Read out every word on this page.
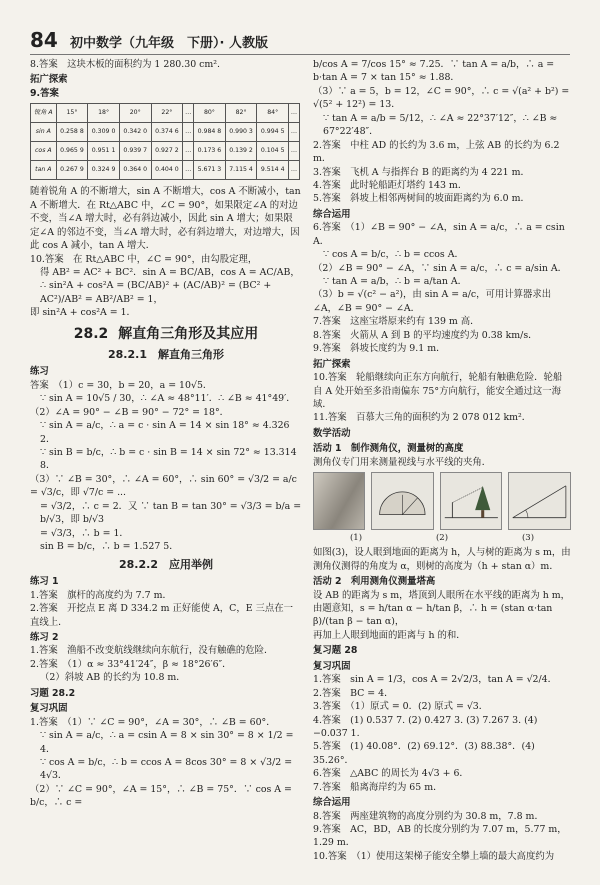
84 初中数学（九年级　下册）· 人教版

8.答案　这块木板的面积约为 1 280.30 cm².

拓广探索

9.答案

锐角 A	15°	18°	20°	22°	…	80°	82°	84°	…
sin A	0.258 8	0.309 0	0.342 0	0.374 6	…	0.984 8	0.990 3	0.994 5	…
cos A	0.965 9	0.951 1	0.939 7	0.927 2	…	0.173 6	0.139 2	0.104 5	…
tan A	0.267 9	0.324 9	0.364 0	0.404 0	…	5.671 3	7.115 4	9.514 4	…

随着锐角 A 的不断增大，sin A 不断增大，cos A 不断减小，tan A 不断增大．在 Rt△ABC 中，∠C = 90°，如果限定∠A 的对边不变，当∠A 增大时，必有斜边减小，因此 sin A 增大；如果限定∠A 的邻边不变，当∠A 增大时，必有斜边增大，对边增大，因此 cos A 减小，tan A 增大．

10.答案　在 Rt△ABC 中，∠C = 90°，由勾股定理，

得 AB² = AC² + BC²．sin A = BC/AB，cos A = AC/AB，

∴ sin²A + cos²A = (BC/AB)² + (AC/AB)² = (BC² + AC²)/AB² = AB²/AB² = 1，

即 sin²A + cos²A = 1．

28.2 解直角三角形及其应用

28.2.1　解直角三角形

练习

答案　（1）c = 30，b = 20，a = 10√5．

∵ sin A = 10√5 / 30，∴ ∠A ≈ 48°11′．∴ ∠B ≈ 41°49′．

（2）∠A = 90° − ∠B = 90° − 72° = 18°．

∵ sin A = a/c，∴ a = c · sin A = 14 × sin 18° ≈ 4.326 2．

∵ sin B = b/c，∴ b = c · sin B = 14 × sin 72° ≈ 13.314 8．

（3）∵ ∠B = 30°，∴ ∠A = 60°，∴ sin 60° = √3/2 = a/c = √3/c，即 √7/c = ...

= √3/2，∴ c = 2．又 ∵ tan B = tan 30° = √3/3 = b/a = b/√3，即 b/√3

= √3/3，∴ b = 1．

sin B = b/c，∴ b = 1.527 5．

28.2.2　应用举例

练习 1

1.答案　旗杆的高度约为 7.7 m．

2.答案　开挖点 E 离 D 334.2 m 正好能使 A，C，E 三点在一直线上．

练习 2

1.答案　渔船不改变航线继续向东航行，没有触礁的危险．

2.答案　（1）α ≈ 33°41′24″，β ≈ 18°26′6″．

（2）斜坡 AB 的长约为 10.8 m．

习题 28.2

复习巩固

1.答案　（1）∵ ∠C = 90°，∠A = 30°，∴ ∠B = 60°．

∵ sin A = a/c，∴ a = csin A = 8 × sin 30° = 8 × 1/2 = 4．

∵ cos A = b/c，∴ b = ccos A = 8cos 30° = 8 × √3/2 = 4√3．

（2）∵ ∠C = 90°，∠A = 15°，∴ ∠B = 75°．∵ cos A = b/c，∴ c =

b/cos A = 7/cos 15° ≈ 7.25．∵ tan A = a/b，∴ a = b·tan A = 7 × tan 15° ≈ 1.88．

（3）∵ a = 5，b = 12，∠C = 90°，∴ c = √(a² + b²) = √(5² + 12²) = 13．

∵ tan A = a/b = 5/12，∴ ∠A ≈ 22°37′12″，∴ ∠B ≈ 67°22′48″．

2.答案　中柱 AD 的长约为 3.6 m，上弦 AB 的长约为 6.2 m．

3.答案　飞机 A 与指挥台 B 的距离约为 4 221 m．

4.答案　此时轮船距灯塔约 143 m．

5.答案　斜坡上相邻两树间的坡面距离约为 6.0 m．

综合运用

6.答案　（1）∠B = 90° − ∠A，sin A = a/c，∴ a = csin A．

∵ cos A = b/c，∴ b = ccos A．

（2）∠B = 90° − ∠A，∵ sin A = a/c，∴ c = a/sin A．

∵ tan A = a/b，∴ b = a/tan A．

（3）b = √(c² − a²)，由 sin A = a/c，可用计算器求出∠A，∠B = 90° − ∠A．

7.答案　这座宝塔原来约有 139 m 高．

8.答案　火箭从 A 到 B 的平均速度约为 0.38 km/s．

9.答案　斜坡长度约为 9.1 m．

拓广探索

10.答案　轮船继续向正东方向航行，轮船有触礁危险．轮船自 A 处开始至多沿南偏东 75°方向航行，能安全通过这一海域．

11.答案　百慕大三角的面积约为 2 078 012 km²．

数学活动

活动 1　制作测角仪，测量树的高度

测角仪专门用来测量视线与水平线的夹角．

(1)	(2)	(3)

如图(3)，设人眼到地面的距离为 h，人与树的距离为 s m，由测角仪测得的角度为 α，则树的高度为（h + stan α）m．

活动 2　利用测角仪测量塔高

设 AB 的距离为 s m，塔顶到人眼所在水平线的距离为 h m，由题意知，s = h/tan α − h/tan β，∴ h = (stan α·tan β)/(tan β − tan α)，

再加上人眼到地面的距离与 h 的和．

复习题 28

复习巩固

1.答案　sin A = 1/3，cos A = 2√2/3，tan A = √2/4．

2.答案　BC = 4．

3.答案　（1）原式 = 0．(2) 原式 = √3．

4.答案　(1) 0.537 7. (2) 0.427 3. (3) 7.267 3. (4) −0.037 1.

5.答案　(1) 40.08°．(2) 69.12°．(3) 88.38°．(4) 35.26°．

6.答案　△ABC 的周长为 4√3 + 6．

7.答案　船离海岸约为 65 m．

综合运用

8.答案　两座建筑物的高度分别约为 30.8 m，7.8 m．

9.答案　AC，BD，AB 的长度分别约为 7.07 m，5.77 m，1.29 m．

10.答案　（1）使用这架梯子能安全攀上墙的最大高度约为
